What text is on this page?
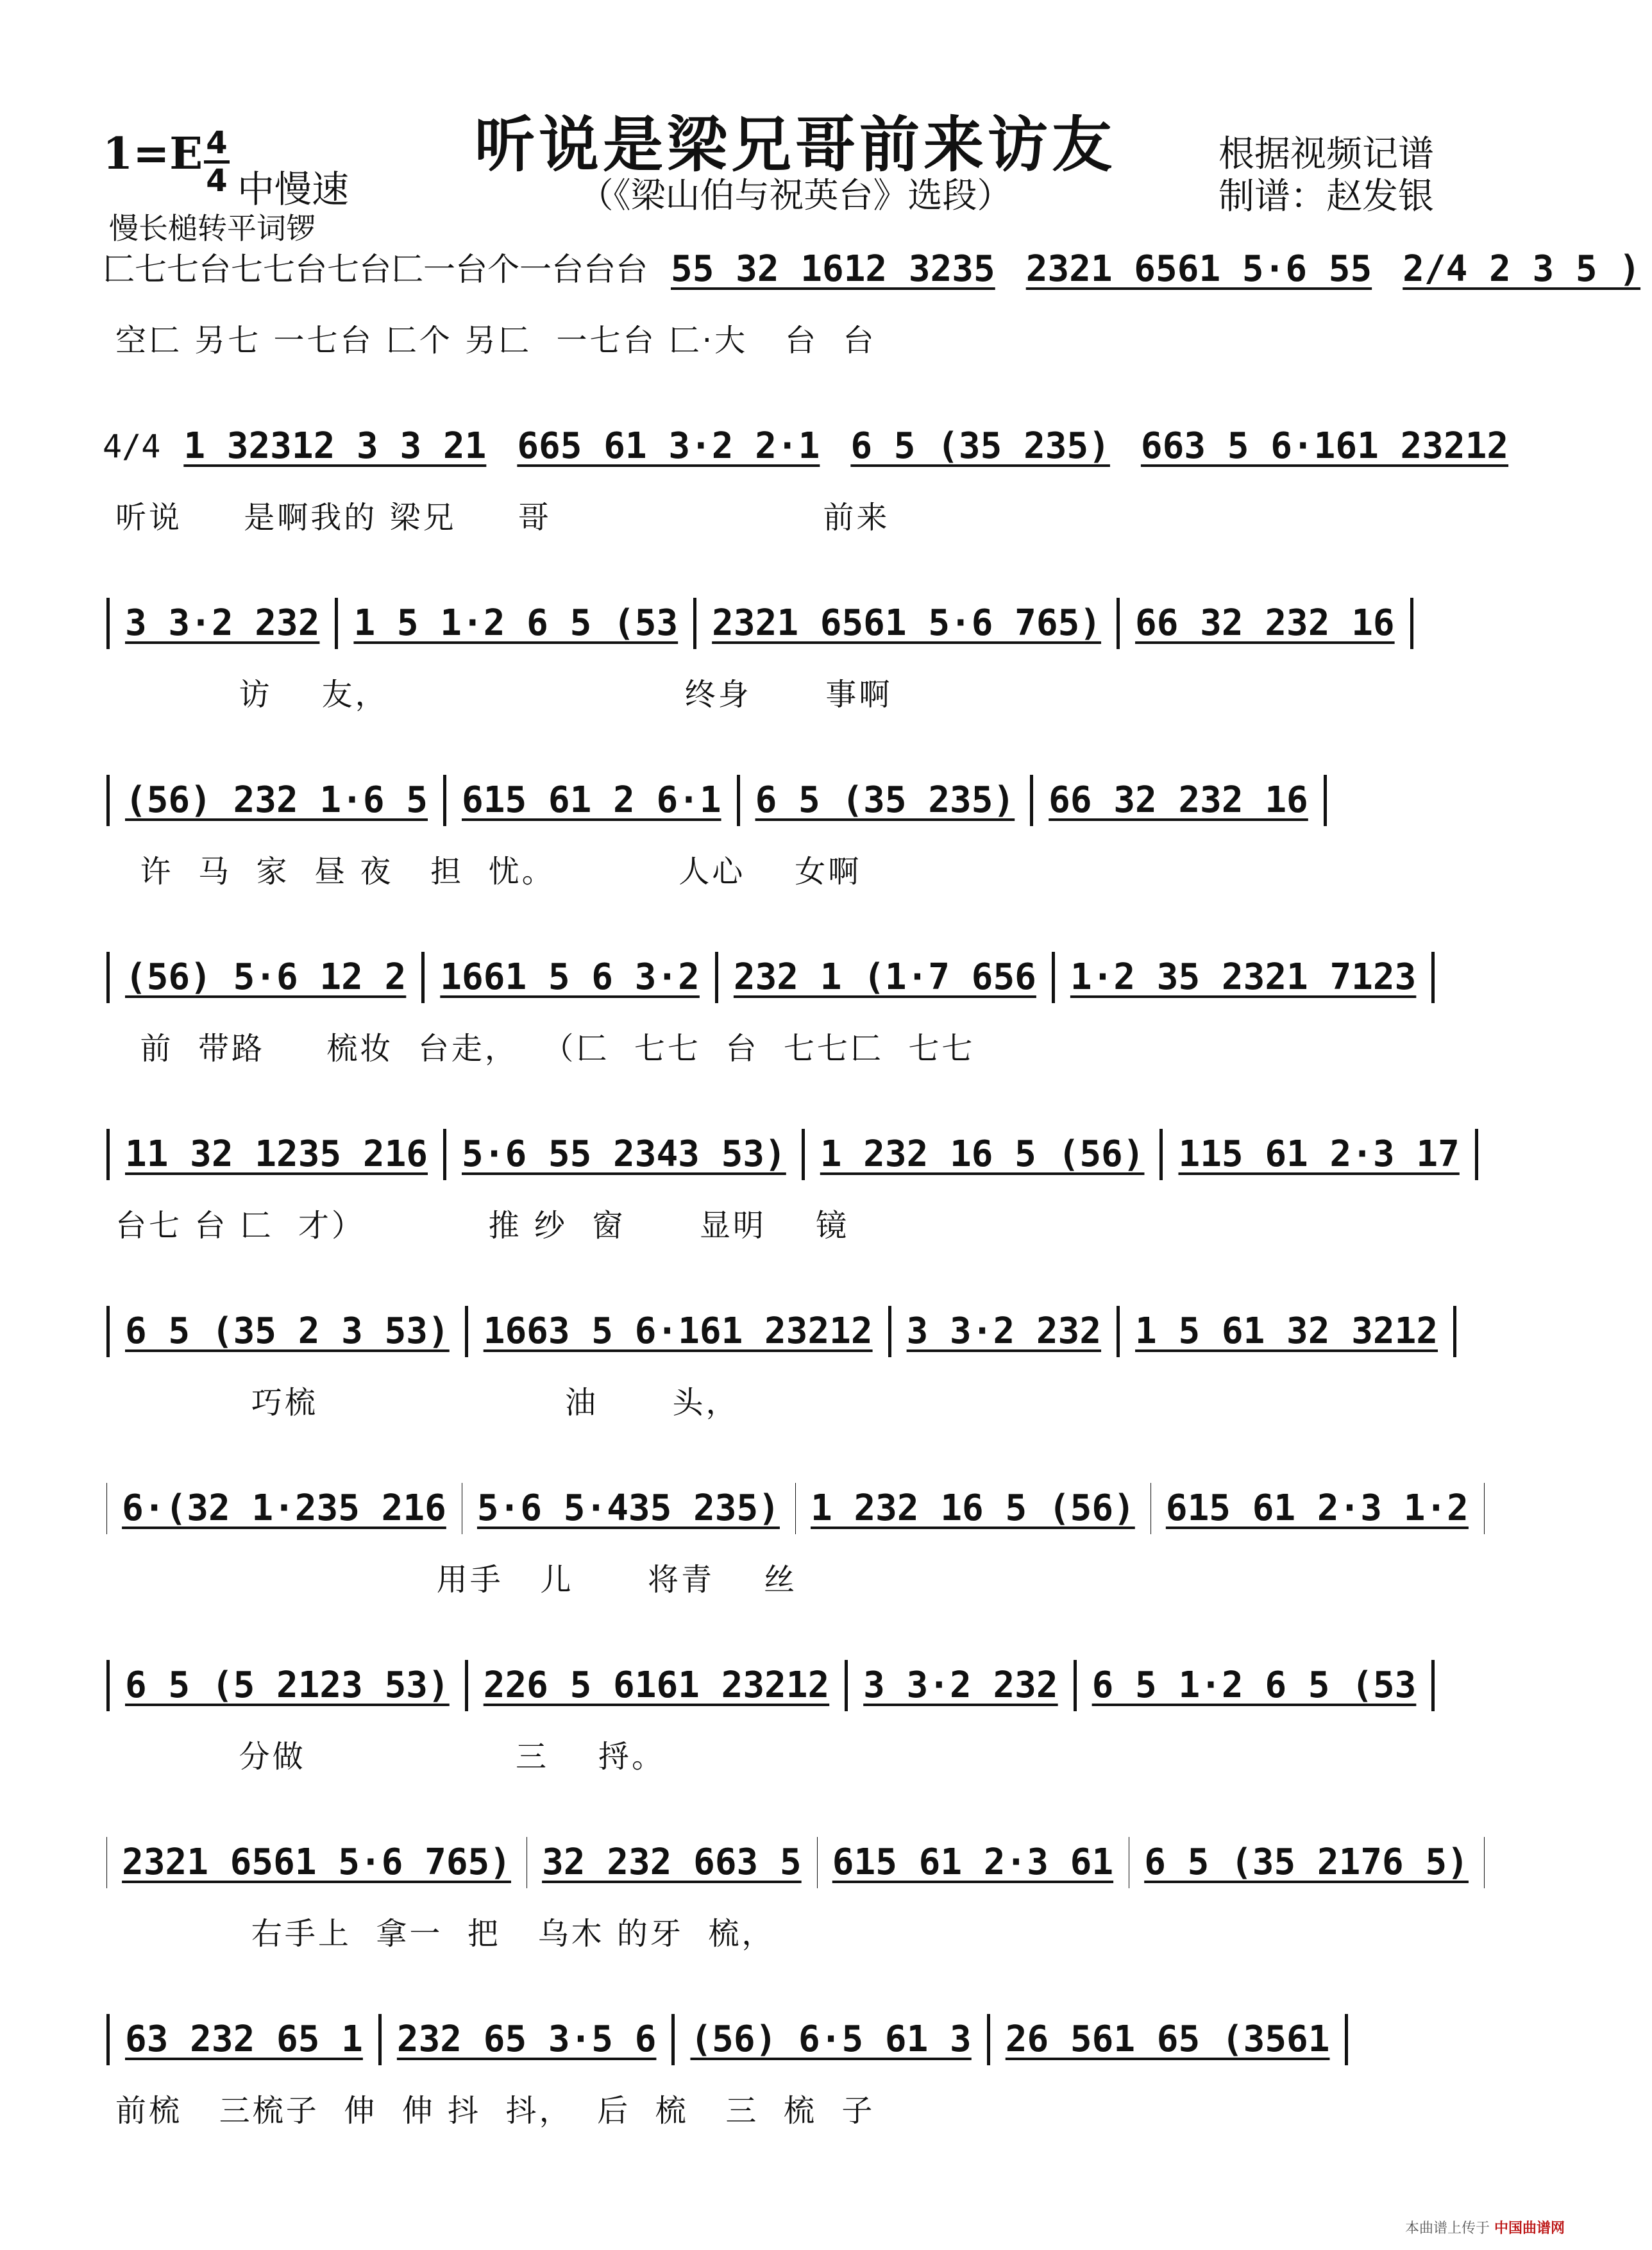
听说是梁兄哥前来访友
（《梁山伯与祝英台》选段）
1=E 4
4 中慢速
慢长槌转平词锣
根据视频记谱
制谱：赵发银
匚七七台七七台七台匚一台个一台台台 55 32 1612 3235 2321 6561 5·6 55 2/4 2 3 5 )
空匚 另七 一七台 匚个 另匚  一七台 匚·大   台  台
4/4 1 32312 3 3 21 665 61 3·2 2·1 6 5 (35 235) 663 5 6·161 23212
听说     是啊我的 梁兄     哥                      前来
3 3·2 232 1 5 1·2 6 5 (53 2321 6561 5·6 765) 66 32 232 16
访    友，                        终身      事啊
(56) 232 1·6 5 615 61 2 6·1 6 5 (35 235) 66 32 232 16
许  马  家  昼 夜   担  忧。          人心    女啊
(56) 5·6 12 2 1661 5 6 3·2 232 1 (1·7 656 1·2 35 2321 7123
前  带路     梳妆  台走，  （匚  七七  台  七七匚  七七
11 32 1235 216 5·6 55 2343 53) 1 232 16 5 (56) 115 61 2·3 17
台七 台 匚  才）          推 纱  窗      显明    镜
6 5 (35 2 3 53) 1663 5 6·161 23212 3 3·2 232 1 5 61 32 3212
巧梳                    油      头，
6·(32 1·235 216 5·6 5·435 235) 1 232 16 5 (56) 615 61 2·3 1·2
用手   儿      将青    丝
6 5 (5 2123 53) 226 5 6161 23212 3 3·2 232 6 5 1·2 6 5 (53
分做                 三    捋。
2321 6561 5·6 765) 32 232 663 5 615 61 2·3 61 6 5 (35 2176 5)
右手上  拿一  把   乌木 的牙  梳，
63 232 65 1 232 65 3·5 6 (56) 6·5 61 3 26 561 65 (3561
前梳   三梳子  伸  伸 抖  抖，  后  梳   三  梳  子
本曲谱上传于 中国曲谱网
